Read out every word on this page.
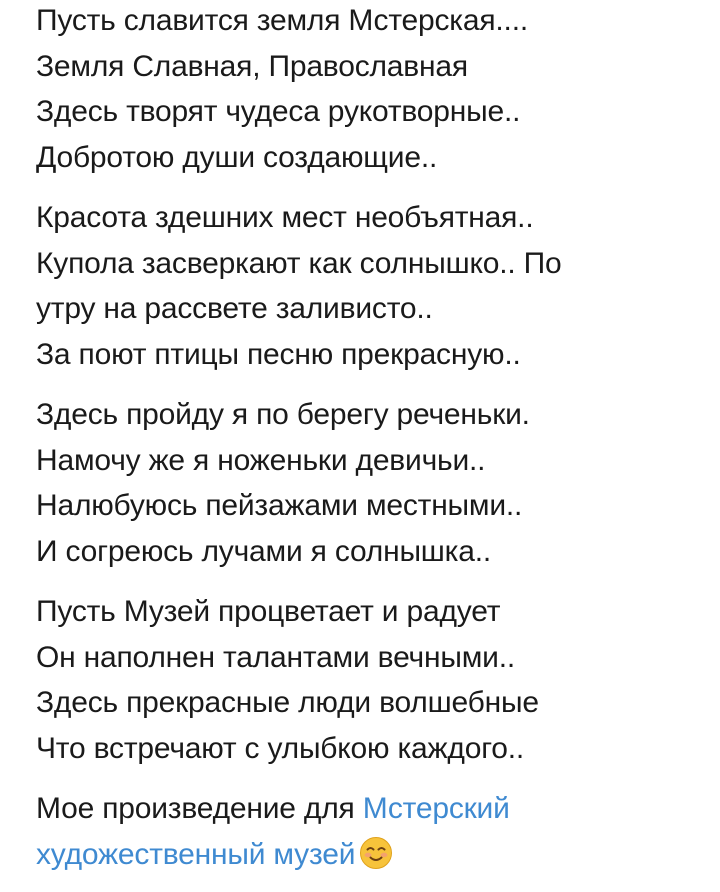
Пусть славится земля Мстерская....
Земля Славная, Православная
Здесь творят чудеса рукотворные..
Добротою души создающие..
Красота здешних мест необъятная..
Купола засверкают как солнышко.. По
утру на рассвете заливисто..
За поют птицы песню прекрасную..
Здесь пройду я по берегу реченьки.
Намочу же я ноженьки девичьи..
Налюбуюсь пейзажами местными..
И согреюсь лучами я солнышка..
Пусть Музей процветает и радует
Он наполнен талантами вечными..
Здесь прекрасные люди волшебные
Что встречают с улыбкою каждого..
Мое произведение для Мстерский
художественный музей
